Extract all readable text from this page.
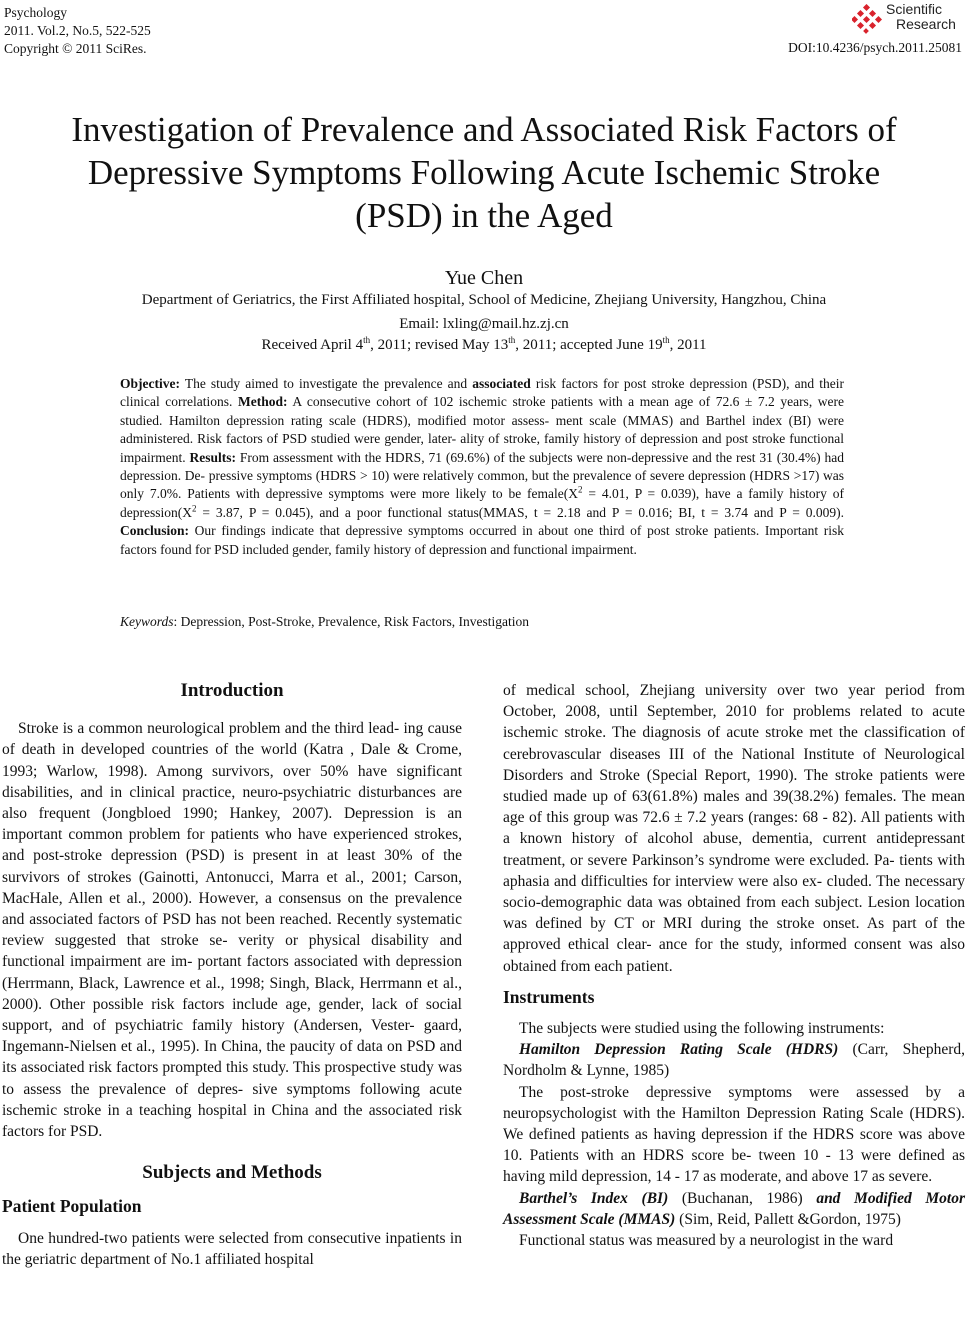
Psychology
2011. Vol.2, No.5, 522-525
Copyright © 2011 SciRes.
Scientific
Research
DOI:10.4236/psych.2011.25081
Investigation of Prevalence and Associated Risk Factors of Depressive Symptoms Following Acute Ischemic Stroke (PSD) in the Aged
Yue Chen
Department of Geriatrics, the First Affiliated hospital, School of Medicine, Zhejiang University, Hangzhou, China
Email: lxling@mail.hz.zj.cn
Received April 4th, 2011; revised May 13th, 2011; accepted June 19th, 2011
Objective: The study aimed to investigate the prevalence and associated risk factors for post stroke depression (PSD), and their clinical correlations. Method: A consecutive cohort of 102 ischemic stroke patients with a mean age of 72.6 ± 7.2 years, were studied. Hamilton depression rating scale (HDRS), modified motor assess- ment scale (MMAS) and Barthel index (BI) were administered. Risk factors of PSD studied were gender, later- ality of stroke, family history of depression and post stroke functional impairment. Results: From assessment with the HDRS, 71 (69.6%) of the subjects were non-depressive and the rest 31 (30.4%) had depression. De- pressive symptoms (HDRS > 10) were relatively common, but the prevalence of severe depression (HDRS >17) was only 7.0%. Patients with depressive symptoms were more likely to be $female(X^2 = 4.01$, P = 0.039), have a family history of $depression(X^2 = 3.87$, P = 0.045), and a poor functional status(MMAS, t = 2.18 and P = 0.016; BI, t = 3.74 and P = 0.009). Conclusion: Our findings indicate that depressive symptoms occurred in about one third of post stroke patients. Important risk factors found for PSD included gender, family history of depression and functional impairment.
Keywords: Depression, Post-Stroke, Prevalence, Risk Factors, Investigation
Introduction

Stroke is a common neurological problem and the third lead- ing cause of death in developed countries of the world (Katra , Dale & Crome, 1993; Warlow, 1998). Among survivors, over 50% have significant disabilities, and in clinical practice, neuro-psychiatric disturbances are also frequent (Jongbloed 1990; Hankey, 2007). Depression is an important common problem for patients who have experienced strokes, and post-stroke depression (PSD) is present in at least 30% of the survivors of strokes (Gainotti, Antonucci, Marra et al., 2001; Carson, MacHale, Allen et al., 2000). However, a consensus on the prevalence and associated factors of PSD has not been reached. Recently systematic review suggested that stroke se- verity or physical disability and functional impairment are im- portant factors associated with depression (Herrmann, Black, Lawrence et al., 1998; Singh, Black, Herrmann et al., 2000). Other possible risk factors include age, gender, lack of social support, and of psychiatric family history (Andersen, Vester- gaard, Ingemann-Nielsen et al., 1995). In China, the paucity of data on PSD and its associated risk factors prompted this study. This prospective study was to assess the prevalence of depres- sive symptoms following acute ischemic stroke in a teaching hospital in China and the associated risk factors for PSD.

Subjects and Methods
Patient Population

One hundred-two patients were selected from consecutive inpatients in the geriatric department of No.1 affiliated hospital

of medical school, Zhejiang university over two year period from October, 2008, until September, 2010 for problems related to acute ischemic stroke. The diagnosis of acute stroke met the classification of cerebrovascular diseases III of the National Institute of Neurological Disorders and Stroke (Special Report, 1990). The stroke patients were studied made up of 63(61.8%) males and 39(38.2%) females. The mean age of this group was 72.6 ± 7.2 years (ranges: 68 - 82). All patients with a known history of alcohol abuse, dementia, current antidepressant treatment, or severe Parkinson’s syndrome were excluded. Pa- tients with aphasia and difficulties for interview were also ex- cluded. The necessary socio-demographic data was obtained from each subject. Lesion location was defined by CT or MRI during the stroke onset. As part of the approved ethical clear- ance for the study, informed consent was also obtained from each patient.

Instruments

The subjects were studied using the following instruments:

Hamilton Depression Rating Scale (HDRS) (Carr, Shepherd, Nordholm & Lynne, 1985)

The post-stroke depressive symptoms were assessed by a neuropsychologist with the Hamilton Depression Rating Scale (HDRS). We defined patients as having depression if the HDRS score was above 10. Patients with an HDRS score be- tween 10 - 13 were defined as having mild depression, 14 - 17 as moderate, and above 17 as severe.

Barthel’s Index (BI) (Buchanan, 1986) and Modified Motor Assessment Scale (MMAS) (Sim, Reid, Pallett &Gordon, 1975)

Functional status was measured by a neurologist in the ward
